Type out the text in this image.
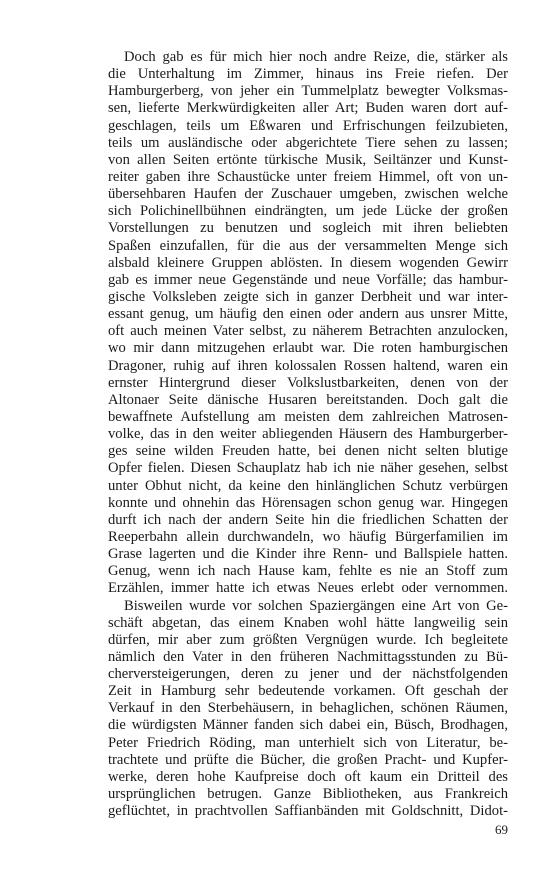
Doch gab es für mich hier noch andre Reize, die, stärker als
die Unterhaltung im Zimmer, hinaus ins Freie riefen. Der
Hamburgerberg, von jeher ein Tummelplatz bewegter Volksmas-
sen, lieferte Merkwürdigkeiten aller Art; Buden waren dort auf-
geschlagen, teils um Eßwaren und Erfrischungen feilzubieten,
teils um ausländische oder abgerichtete Tiere sehen zu lassen;
von allen Seiten ertönte türkische Musik, Seiltänzer und Kunst-
reiter gaben ihre Schaustücke unter freiem Himmel, oft von un-
übersehbaren Haufen der Zuschauer umgeben, zwischen welche
sich Polichinellbühnen eindrängten, um jede Lücke der großen
Vorstellungen zu benutzen und sogleich mit ihren beliebten
Spaßen einzufallen, für die aus der versammelten Menge sich
alsbald kleinere Gruppen ablösten. In diesem wogenden Gewirr
gab es immer neue Gegenstände und neue Vorfälle; das hambur-
gische Volksleben zeigte sich in ganzer Derbheit und war inter-
essant genug, um häufig den einen oder andern aus unsrer Mitte,
oft auch meinen Vater selbst, zu näherem Betrachten anzulocken,
wo mir dann mitzugehen erlaubt war. Die roten hamburgischen
Dragoner, ruhig auf ihren kolossalen Rossen haltend, waren ein
ernster Hintergrund dieser Volkslustbarkeiten, denen von der
Altonaer Seite dänische Husaren bereitstanden. Doch galt die
bewaffnete Aufstellung am meisten dem zahlreichen Matrosen-
volke, das in den weiter abliegenden Häusern des Hamburgerber-
ges seine wilden Freuden hatte, bei denen nicht selten blutige
Opfer fielen. Diesen Schauplatz hab ich nie näher gesehen, selbst
unter Obhut nicht, da keine den hinlänglichen Schutz verbürgen
konnte und ohnehin das Hörensagen schon genug war. Hingegen
durft ich nach der andern Seite hin die friedlichen Schatten der
Reeperbahn allein durchwandeln, wo häufig Bürgerfamilien im
Grase lagerten und die Kinder ihre Renn- und Ballspiele hatten.
Genug, wenn ich nach Hause kam, fehlte es nie an Stoff zum
Erzählen, immer hatte ich etwas Neues erlebt oder vernommen.
Bisweilen wurde vor solchen Spaziergängen eine Art von Ge-
schäft abgetan, das einem Knaben wohl hätte langweilig sein
dürfen, mir aber zum größten Vergnügen wurde. Ich begleitete
nämlich den Vater in den früheren Nachmittagsstunden zu Bü-
cherversteigerungen, deren zu jener und der nächstfolgenden
Zeit in Hamburg sehr bedeutende vorkamen. Oft geschah der
Verkauf in den Sterbehäusern, in behaglichen, schönen Räumen,
die würdigsten Männer fanden sich dabei ein, Büsch, Brodhagen,
Peter Friedrich Röding, man unterhielt sich von Literatur, be-
trachtete und prüfte die Bücher, die großen Pracht- und Kupfer-
werke, deren hohe Kaufpreise doch oft kaum ein Dritteil des
ursprünglichen betrugen. Ganze Bibliotheken, aus Frankreich
geflüchtet, in prachtvollen Saffianbänden mit Goldschnitt, Didot-
69
